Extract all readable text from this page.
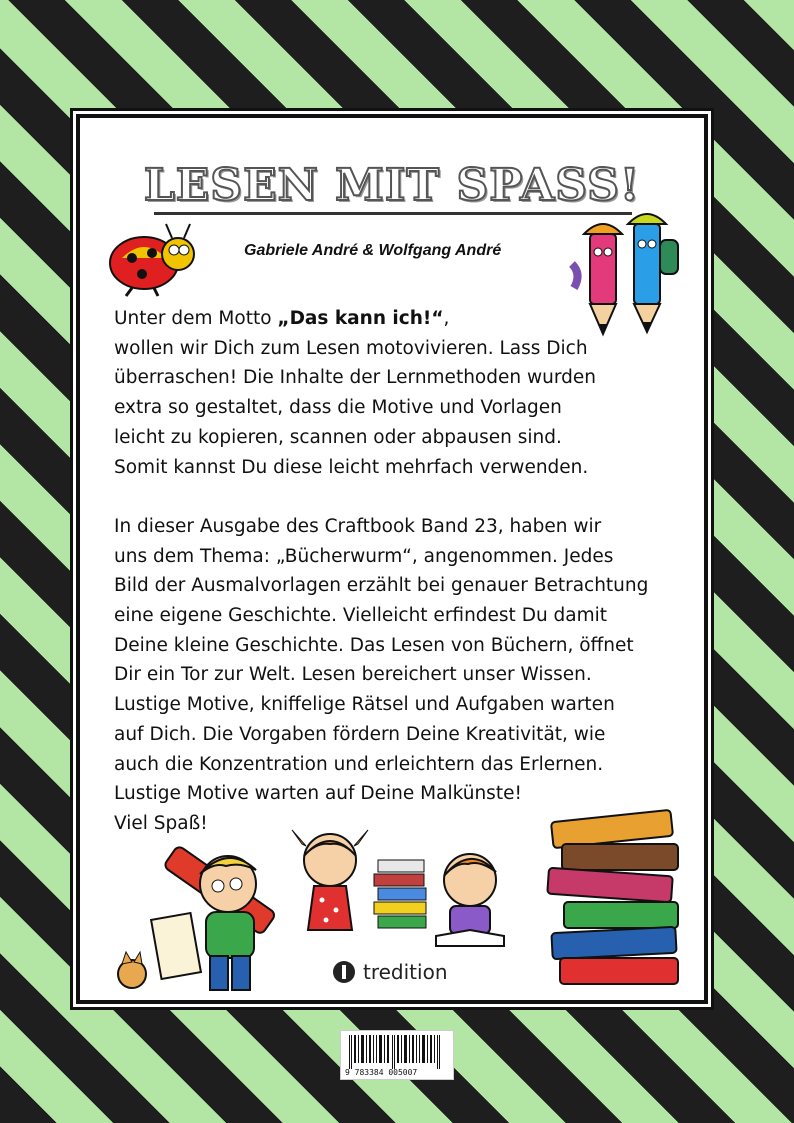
LESEN MIT SPASS!
Gabriele André & Wolfgang André

Unter dem Motto „Das kann ich!“,

wollen wir Dich zum Lesen motovivieren. Lass Dich

überraschen! Die Inhalte der Lernmethoden wurden

extra so gestaltet, dass die Motive und Vorlagen

leicht zu kopieren, scannen oder abpausen sind.

Somit kannst Du diese leicht mehrfach verwenden.

In dieser Ausgabe des Craftbook Band 23, haben wir

uns dem Thema: „Bücherwurm“, angenommen. Jedes

Bild der Ausmalvorlagen erzählt bei genauer Betrachtung

eine eigene Geschichte. Vielleicht erfindest Du damit

Deine kleine Geschichte. Das Lesen von Büchern, öffnet

Dir ein Tor zur Welt. Lesen bereichert unser Wissen.

Lustige Motive, kniffelige Rätsel und Aufgaben warten

auf Dich. Die Vorgaben fördern Deine Kreativität, wie

auch die Konzentration und erleichtern das Erlernen.

Lustige Motive warten auf Deine Malkünste!

Viel Spaß!

tredition
9 783384 005007
